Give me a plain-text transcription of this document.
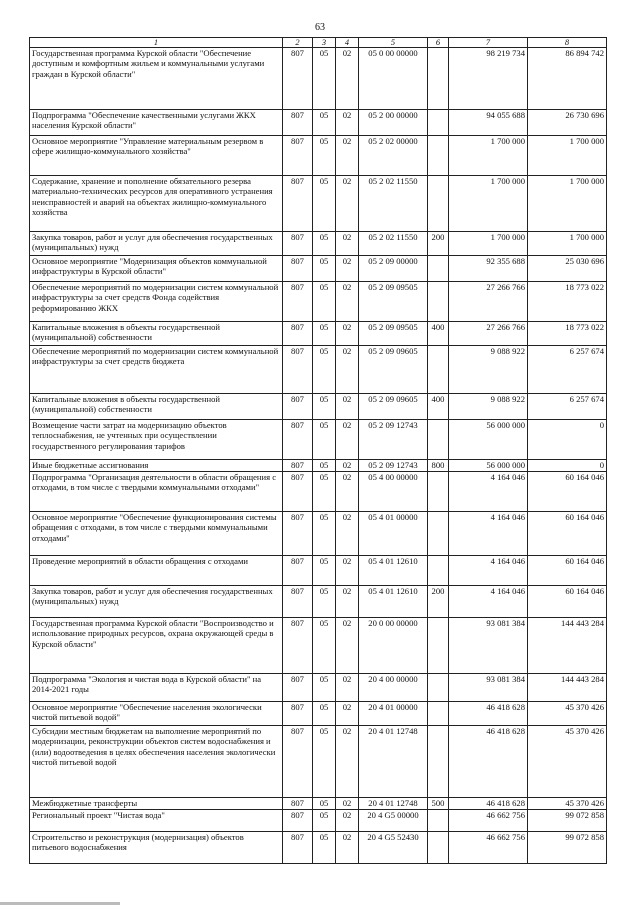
63
1	2	3	4	5	6	7	8
Государственная программа Курской области "Обеспечение доступным и комфортным жильем и коммунальными услугами граждан в Курской области"	807	05	02	05 0 00 00000		98 219 734	86 894 742
Подпрограмма "Обеспечение качественными услугами ЖКХ населения Курской области"	807	05	02	05 2 00 00000		94 055 688	26 730 696
Основное мероприятие "Управление материальным резервом в сфере жилищно-коммунального хозяйства"	807	05	02	05 2 02 00000		1 700 000	1 700 000
Содержание, хранение и пополнение обязательного резерва материально-технических ресурсов для оперативного устранения неисправностей и аварий на объектах жилищно-коммунального хозяйства	807	05	02	05 2 02 11550		1 700 000	1 700 000
Закупка товаров, работ и услуг для обеспечения государственных (муниципальных) нужд	807	05	02	05 2 02 11550	200	1 700 000	1 700 000
Основное мероприятие "Модернизация объектов коммунальной инфраструктуры в Курской области"	807	05	02	05 2 09 00000		92 355 688	25 030 696
Обеспечение мероприятий по модернизации систем коммунальной инфраструктуры за счет средств Фонда содействия реформированию ЖКХ	807	05	02	05 2 09 09505		27 266 766	18 773 022
Капитальные вложения в объекты государственной (муниципальной) собственности	807	05	02	05 2 09 09505	400	27 266 766	18 773 022
Обеспечение мероприятий по модернизации систем коммунальной инфраструктуры за счет средств бюджета	807	05	02	05 2 09 09605		9 088 922	6 257 674
Капитальные вложения в объекты государственной (муниципальной) собственности	807	05	02	05 2 09 09605	400	9 088 922	6 257 674
Возмещение части затрат на модернизацию объектов теплоснабжения, не учтенных при осуществлении государственного регулирования тарифов	807	05	02	05 2 09 12743		56 000 000	0
Иные бюджетные ассигнования	807	05	02	05 2 09 12743	800	56 000 000	0
Подпрограмма "Организация деятельности в области обращения с отходами, в том числе с твердыми коммунальными отходами"	807	05	02	05 4 00 00000		4 164 046	60 164 046
Основное мероприятие "Обеспечение функционирования системы обращения с отходами, в том числе с твердыми коммунальными отходами"	807	05	02	05 4 01 00000		4 164 046	60 164 046
Проведение мероприятий в области обращения с отходами	807	05	02	05 4 01 12610		4 164 046	60 164 046
Закупка товаров, работ и услуг для обеспечения государственных (муниципальных) нужд	807	05	02	05 4 01 12610	200	4 164 046	60 164 046
Государственная программа Курской области "Воспроизводство и использование природных ресурсов, охрана окружающей среды в Курской области"	807	05	02	20 0 00 00000		93 081 384	144 443 284
Подпрограмма "Экология и чистая вода в Курской области" на 2014-2021 годы	807	05	02	20 4 00 00000		93 081 384	144 443 284
Основное мероприятие "Обеспечение населения экологически чистой питьевой водой"	807	05	02	20 4 01 00000		46 418 628	45 370 426
Субсидии местным бюджетам на выполнение мероприятий по модернизации, реконструкции объектов систем водоснабжения и (или) водоотведения в целях обеспечения населения экологически чистой питьевой водой	807	05	02	20 4 01 12748		46 418 628	45 370 426
Межбюджетные трансферты	807	05	02	20 4 01 12748	500	46 418 628	45 370 426
Региональный проект "Чистая вода"	807	05	02	20 4 G5 00000		46 662 756	99 072 858
Строительство и реконструкция (модернизация) объектов питьевого водоснабжения	807	05	02	20 4 G5 52430		46 662 756	99 072 858
